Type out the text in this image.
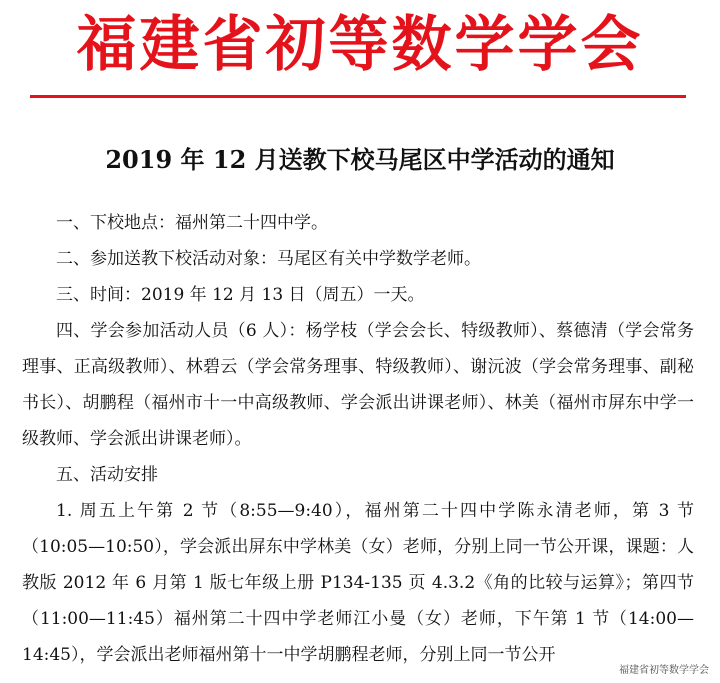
福建省初等数学学会
2019 年 12 月送教下校马尾区中学活动的通知

一、下校地点：福州第二十四中学。

二、参加送教下校活动对象：马尾区有关中学数学老师。

三、时间：2019 年 12 月 13 日（周五）一天。

四、学会参加活动人员（6 人）：杨学枝（学会会长、特级教师）、蔡德清（学会常务理事、正高级教师）、林碧云（学会常务理事、特级教师）、谢沅波（学会常务理事、副秘书长）、胡鹏程（福州市十一中高级教师、学会派出讲课老师）、林美（福州市屏东中学一级教师、学会派出讲课老师）。

五、活动安排

1. 周五上午第 2 节（8:55—9:40），福州第二十四中学陈永清老师，第 3 节（10:05—10:50），学会派出屏东中学林美（女）老师，分别上同一节公开课，课题：人教版 2012 年 6 月第 1 版七年级上册 P134-135 页 4.3.2《角的比较与运算》；第四节（11:00—11:45）福州第二十四中学老师江小曼（女）老师，下午第 1 节（14:00—14:45），学会派出老师福州第十一中学胡鹏程老师，分别上同一节公开

福建省初等数学学会
